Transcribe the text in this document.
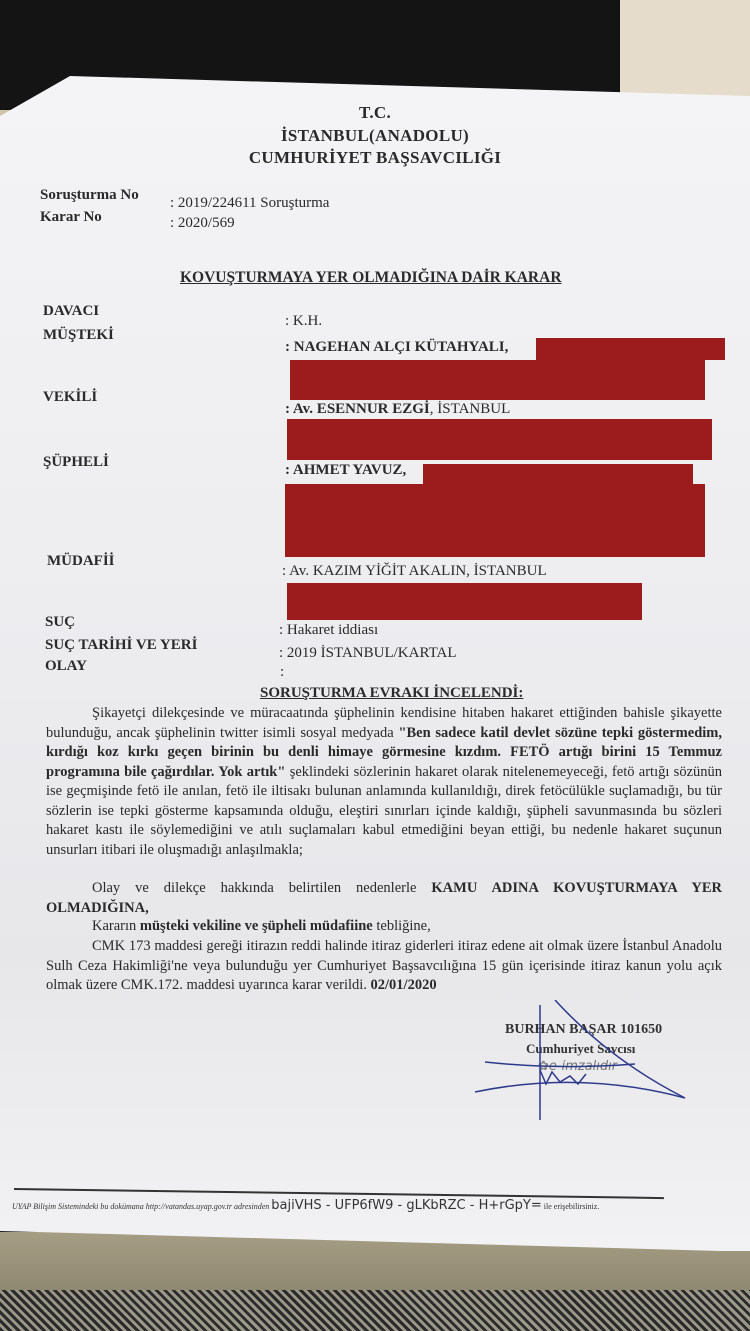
T.C.
İSTANBUL(ANADOLU)
CUMHURİYET BAŞSAVCILIĞI
Soruşturma No : 2019/224611 Soruşturma
Karar No	: 2020/569
KOVUŞTURMAYA YER OLMADIĞINA DAİR KARAR
DAVACI
: K.H.
MÜŞTEKİ
: NAGEHAN ALÇI KÜTAHYALI,
VEKİLİ
: Av. ESENNUR EZGİ, İSTANBUL
ŞÜPHELİ	: AHMET YAVUZ,
MÜDAFİİ
: Av. KAZIM YİĞİT AKALIN, İSTANBUL
SUÇ	: Hakaret iddiası
SUÇ TARİHİ VE YERİ	: 2019 İSTANBUL/KARTAL
OLAY	:
SORUŞTURMA EVRAKI İNCELENDİ:
Şikayetçi dilekçesinde ve müracaatında şüphelinin kendisine hitaben hakaret ettiğinden bahisle şikayette bulunduğu, ancak şüphelinin twitter isimli sosyal medyada "Ben sadece katil devlet sözüne tepki göstermedim, kırdığı koz kırkı geçen birinin bu denli himaye görmesine kızdım. FETÖ artığı birini 15 Temmuz programına bile çağırdılar. Yok artık" şeklindeki sözlerinin hakaret olarak nitelenemeyeceği, fetö artığı sözünün ise geçmişinde fetö ile anılan, fetö ile iltisakı bulunan anlamında kullanıldığı, direk fetöcülükle suçlamadığı, bu tür sözlerin ise tepki gösterme kapsamında olduğu, eleştiri sınırları içinde kaldığı, şüpheli savunmasında bu sözleri hakaret kastı ile söylemediğini ve atılı suçlamaları kabul etmediğini beyan ettiği, bu nedenle hakaret suçunun unsurları itibari ile oluşmadığı anlaşılmakla;
Olay ve dilekçe hakkında belirtilen nedenlerle KAMU ADINA KOVUŞTURMAYA YER OLMADIĞINA,
Kararın müşteki vekiline ve şüpheli müdafiine tebliğine,
CMK 173 maddesi gereği itirazın reddi halinde itiraz giderleri itiraz edene ait olmak üzere İstanbul Anadolu Sulh Ceza Hakimliği'ne veya bulunduğu yer Cumhuriyet Başsavcılığına 15 gün içerisinde itiraz kanun yolu açık olmak üzere CMK.172. maddesi uyarınca karar verildi. 02/01/2020
BURHAN BAŞAR 101650
Cumhuriyet Savcısı
✿e-imzalıdır
UYAP Bilişim Sistemindeki bu dokümana http://vatandas.uyap.gov.tr adresinden bajiVHS - UFP6fW9 - gLKbRZC - H+rGpY= ile erişebilirsiniz.
